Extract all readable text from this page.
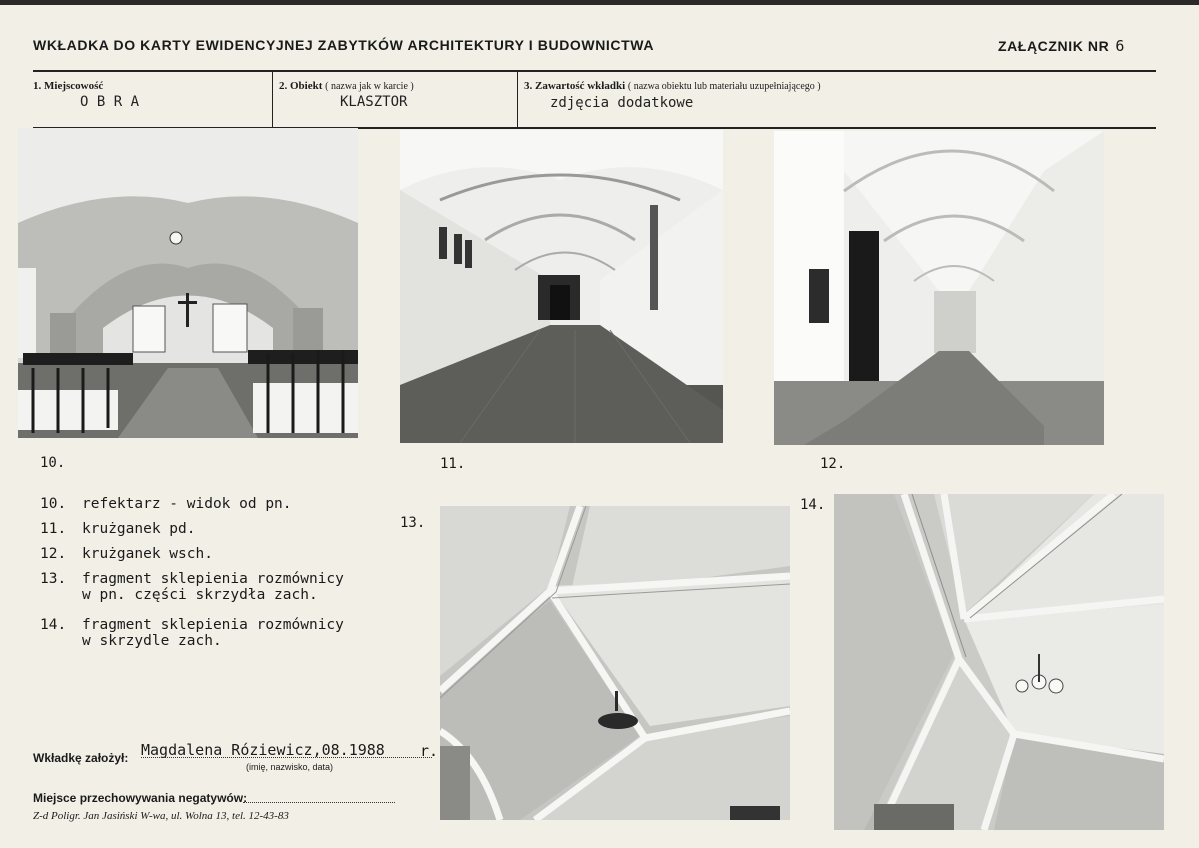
WKŁADKA DO KARTY EWIDENCYJNEJ ZABYTKÓW ARCHITEKTURY I BUDOWNICTWA	ZAŁĄCZNIK NR 6
1. Miejscowość
O B R A
2. Obiekt ( nazwa jak w karcie )
KLASZTOR
3. Zawartość wkładki ( nazwa obiektu lub materiału uzupełniającego )
zdjęcia dodatkowe
10.	11.	12.
13.
14.
10. refektarz - widok od pn.
11. krużganek pd.
12. krużganek wsch.
13. fragment sklepienia rozmównicy
w pn. części skrzydła zach.
14. fragment sklepienia rozmównicy
w skrzydle zach.
Wkładkę założył: Magdalena Róziewicz,08.1988 r.
(imię, nazwisko, data)
Miejsce przechowywania negatywów:
Z-d Poligr. Jan Jasiński W-wa, ul. Wolna 13, tel. 12-43-83
